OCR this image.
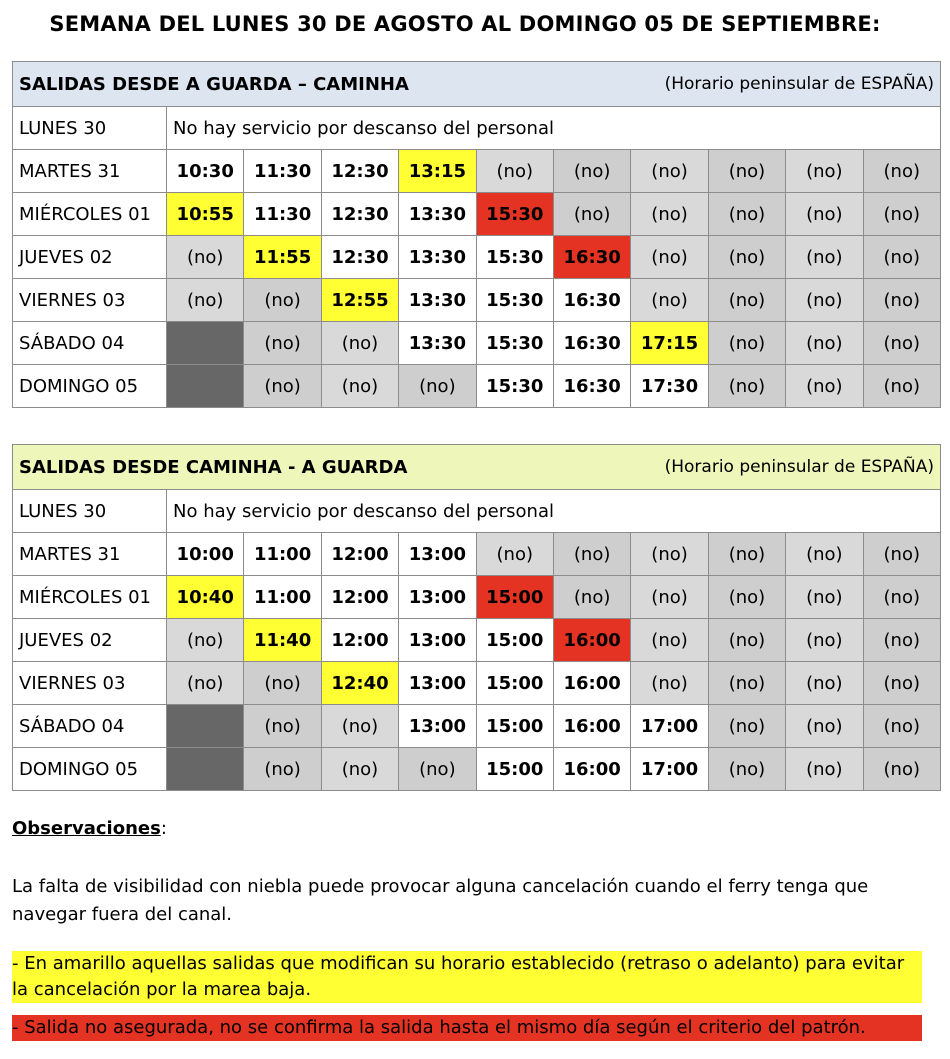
SEMANA DEL LUNES 30 DE AGOSTO AL DOMINGO 05 DE SEPTIEMBRE:
SALIDAS DESDE A GUARDA – CAMINHA (Horario peninsular de ESPAÑA)										

LUNES 30	No hay servicio por descanso del personal									
MARTES 31	10:30	11:30	12:30	13:15	(no)	(no)	(no)	(no)	(no)	(no)
MIÉRCOLES 01	10:55	11:30	12:30	13:30	15:30	(no)	(no)	(no)	(no)	(no)
JUEVES 02	(no)	11:55	12:30	13:30	15:30	16:30	(no)	(no)	(no)	(no)
VIERNES 03	(no)	(no)	12:55	13:30	15:30	16:30	(no)	(no)	(no)	(no)
SÁBADO 04		(no)	(no)	13:30	15:30	16:30	17:15	(no)	(no)	(no)
DOMINGO 05		(no)	(no)	(no)	15:30	16:30	17:30	(no)	(no)	(no)
SALIDAS DESDE CAMINHA - A GUARDA (Horario peninsular de ESPAÑA)										

LUNES 30	No hay servicio por descanso del personal									
MARTES 31	10:00	11:00	12:00	13:00	(no)	(no)	(no)	(no)	(no)	(no)
MIÉRCOLES 01	10:40	11:00	12:00	13:00	15:00	(no)	(no)	(no)	(no)	(no)
JUEVES 02	(no)	11:40	12:00	13:00	15:00	16:00	(no)	(no)	(no)	(no)
VIERNES 03	(no)	(no)	12:40	13:00	15:00	16:00	(no)	(no)	(no)	(no)
SÁBADO 04		(no)	(no)	13:00	15:00	16:00	17:00	(no)	(no)	(no)
DOMINGO 05		(no)	(no)	(no)	15:00	16:00	17:00	(no)	(no)	(no)
Observaciones:
La falta de visibilidad con niebla puede provocar alguna cancelación cuando el ferry tenga que navegar fuera del canal.
- En amarillo aquellas salidas que modifican su horario establecido (retraso o adelanto) para evitar la cancelación por la marea baja.
- Salida no asegurada, no se confirma la salida hasta el mismo día según el criterio del patrón.
